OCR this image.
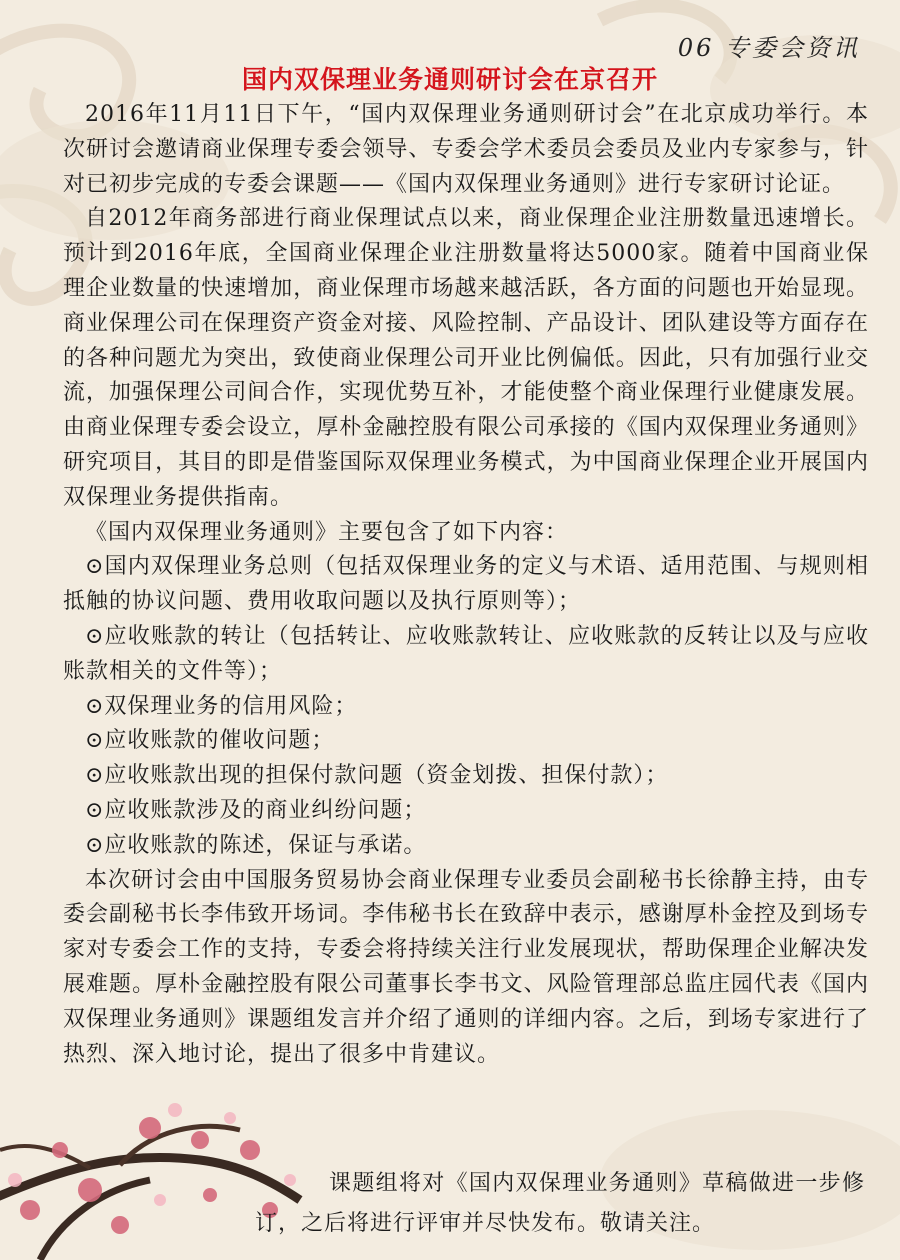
06 专委会资讯
国内双保理业务通则研讨会在京召开

2016年11月11日下午，“国内双保理业务通则研讨会”在北京成功举行。本次研讨会邀请商业保理专委会领导、专委会学术委员会委员及业内专家参与，针对已初步完成的专委会课题——《国内双保理业务通则》进行专家研讨论证。

自2012年商务部进行商业保理试点以来，商业保理企业注册数量迅速增长。预计到2016年底，全国商业保理企业注册数量将达5000家。随着中国商业保理企业数量的快速增加，商业保理市场越来越活跃，各方面的问题也开始显现。商业保理公司在保理资产资金对接、风险控制、产品设计、团队建设等方面存在的各种问题尤为突出，致使商业保理公司开业比例偏低。因此，只有加强行业交流，加强保理公司间合作，实现优势互补，才能使整个商业保理行业健康发展。由商业保理专委会设立，厚朴金融控股有限公司承接的《国内双保理业务通则》研究项目，其目的即是借鉴国际双保理业务模式，为中国商业保理企业开展国内双保理业务提供指南。

《国内双保理业务通则》主要包含了如下内容：

⊙国内双保理业务总则（包括双保理业务的定义与术语、适用范围、与规则相抵触的协议问题、费用收取问题以及执行原则等）；

⊙应收账款的转让（包括转让、应收账款转让、应收账款的反转让以及与应收账款相关的文件等）；

⊙双保理业务的信用风险；

⊙应收账款的催收问题；

⊙应收账款出现的担保付款问题（资金划拨、担保付款）；

⊙应收账款涉及的商业纠纷问题；

⊙应收账款的陈述，保证与承诺。

本次研讨会由中国服务贸易协会商业保理专业委员会副秘书长徐静主持，由专委会副秘书长李伟致开场词。李伟秘书长在致辞中表示，感谢厚朴金控及到场专家对专委会工作的支持，专委会将持续关注行业发展现状，帮助保理企业解决发展难题。厚朴金融控股有限公司董事长李书文、风险管理部总监庄园代表《国内双保理业务通则》课题组发言并介绍了通则的详细内容。之后，到场专家进行了热烈、深入地讨论，提出了很多中肯建议。

课题组将对《国内双保理业务通则》草稿做进一步修订，之后将进行评审并尽快发布。敬请关注。
